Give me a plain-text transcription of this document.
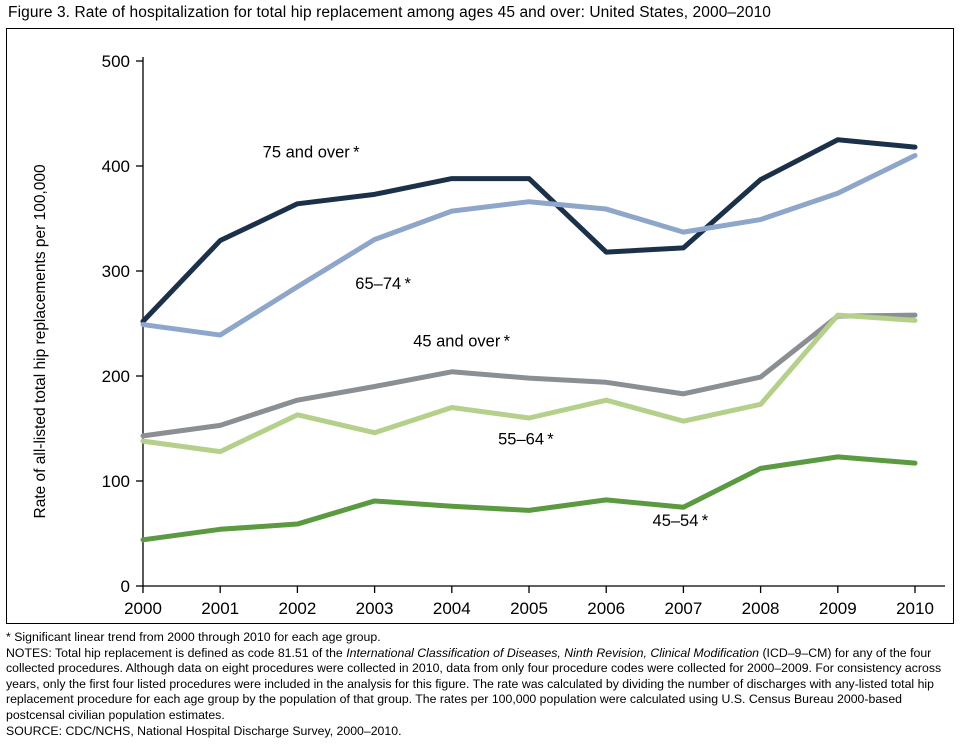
Figure 3. Rate of hospitalization for total hip replacement among ages 45 and over: United States, 2000–2010
0
100
200
300
400
500
2000 2001 2002 2003 2004 2005 2006 2007 2008 2009 2010
Rate of all-listed total hip replacements per 100,000
75 and over *
65–74 *
45 and over *
55–64 *
45–54 *

* Significant linear trend from 2000 through 2010 for each age group.

NOTES: Total hip replacement is defined as code 81.51 of the International Classification of Diseases, Ninth Revision, Clinical Modification (ICD–9–CM) for any of the four collected procedures. Although data on eight procedures were collected in 2010, data from only four procedure codes were collected for 2000–2009. For consistency across years, only the first four listed procedures were included in the analysis for this figure. The rate was calculated by dividing the number of discharges with any-listed total hip replacement procedure for each age group by the population of that group. The rates per 100,000 population were calculated using U.S. Census Bureau 2000-based postcensal civilian population estimates.

SOURCE: CDC/NCHS, National Hospital Discharge Survey, 2000–2010.
